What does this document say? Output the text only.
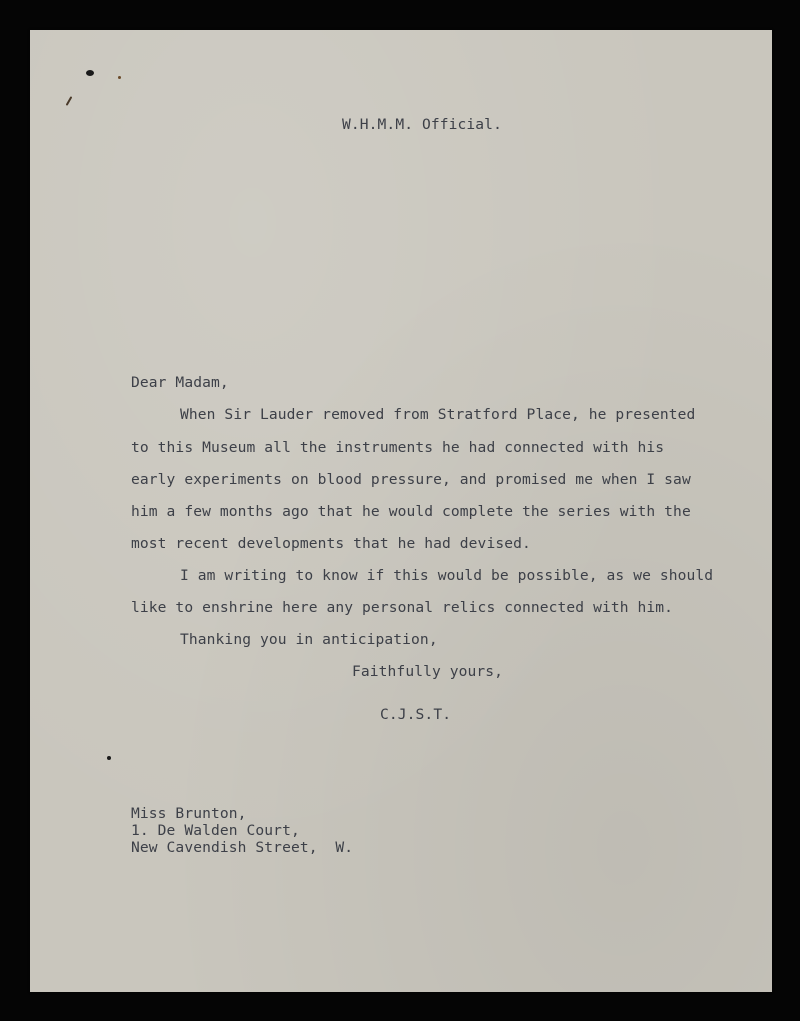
W.H.M.M. Official.

Dear Madam,

When Sir Lauder removed from Stratford Place, he presented

to this Museum all the instruments he had connected with his

early experiments on blood pressure, and promised me when I saw

him a few months ago that he would complete the series with the

most recent developments that he had devised.

I am writing to know if this would be possible, as we should

like to enshrine here any personal relics connected with him.

Thanking you in anticipation,

Faithfully yours,

C.J.S.T.

Miss Brunton,

1. De Walden Court,

New Cavendish Street,  W.
